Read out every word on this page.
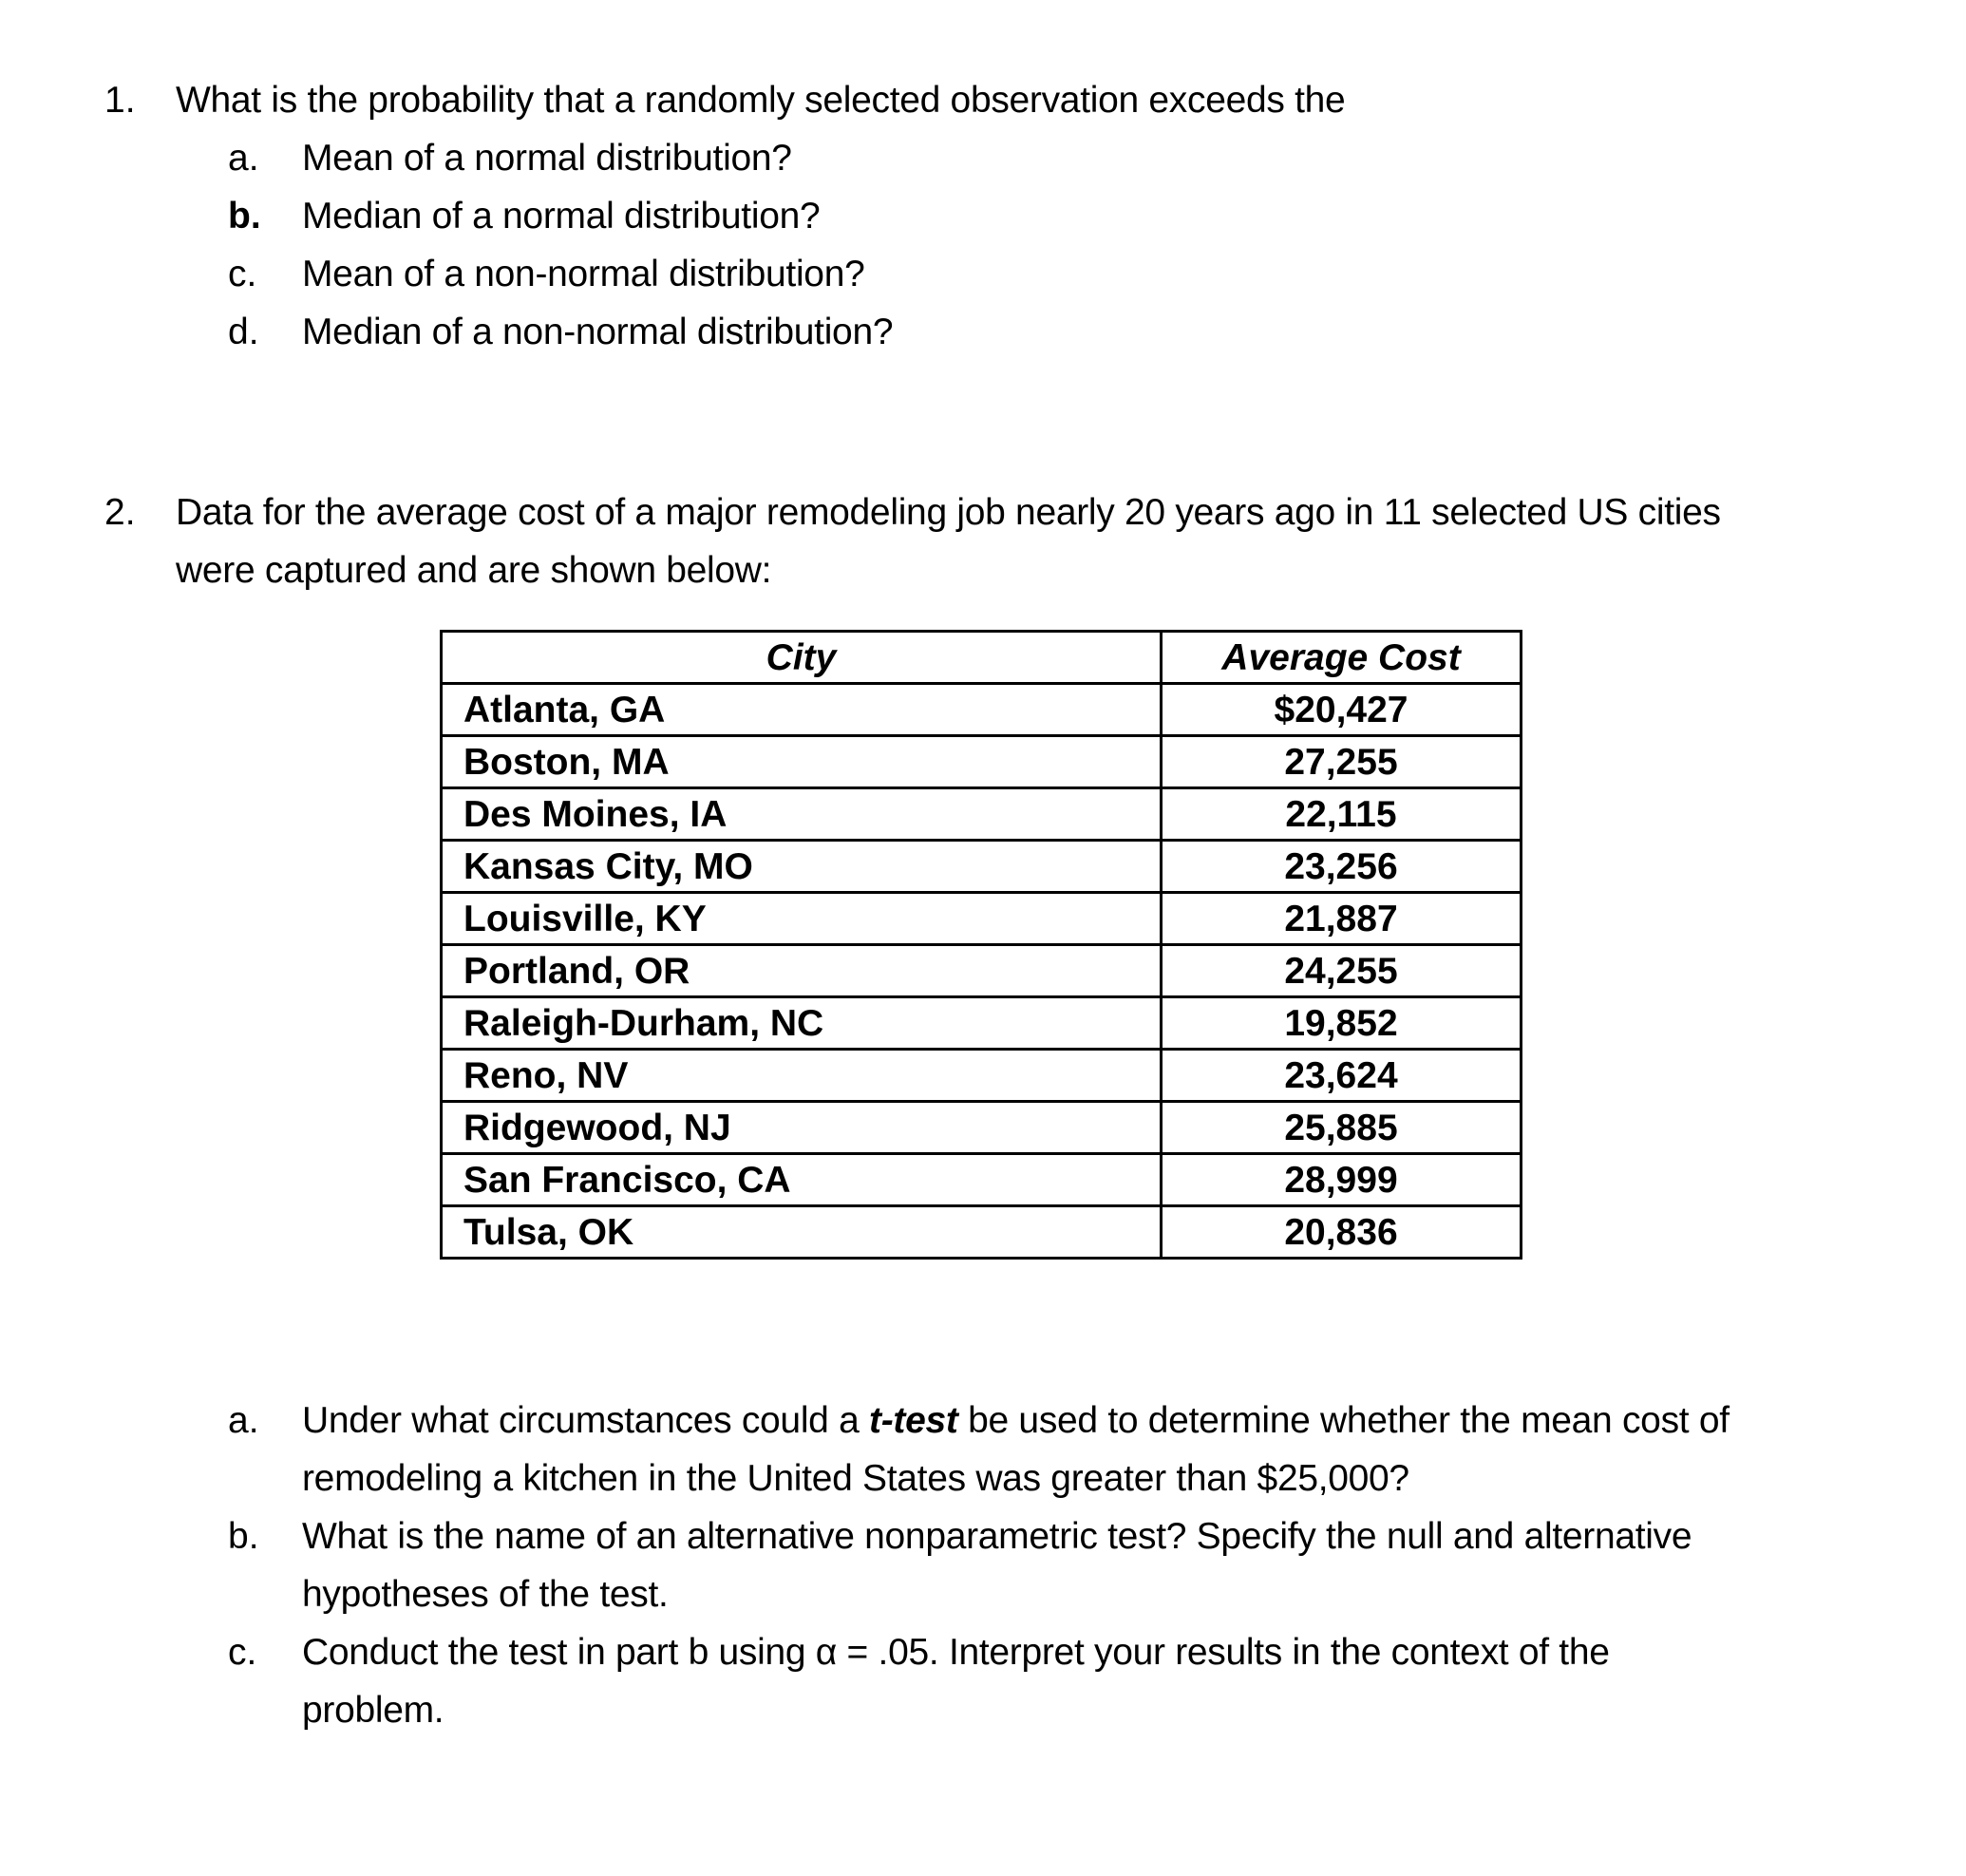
1. What is the probability that a randomly selected observation exceeds the
a. Mean of a normal distribution?
b. Median of a normal distribution?
c. Mean of a non-normal distribution?
d. Median of a non-normal distribution?
2. Data for the average cost of a major remodeling job nearly 20 years ago in 11 selected US cities
were captured and are shown below:
City	Average Cost
Atlanta, GA	$20,427
Boston, MA	27,255
Des Moines, IA	22,115
Kansas City, MO	23,256
Louisville, KY	21,887
Portland, OR	24,255
Raleigh-Durham, NC	19,852
Reno, NV	23,624
Ridgewood, NJ	25,885
San Francisco, CA	28,999
Tulsa, OK	20,836
a. Under what circumstances could a t-test be used to determine whether the mean cost of
remodeling a kitchen in the United States was greater than $25,000?
b. What is the name of an alternative nonparametric test? Specify the null and alternative
hypotheses of the test.
c. Conduct the test in part b using α = .05. Interpret your results in the context of the
problem.
